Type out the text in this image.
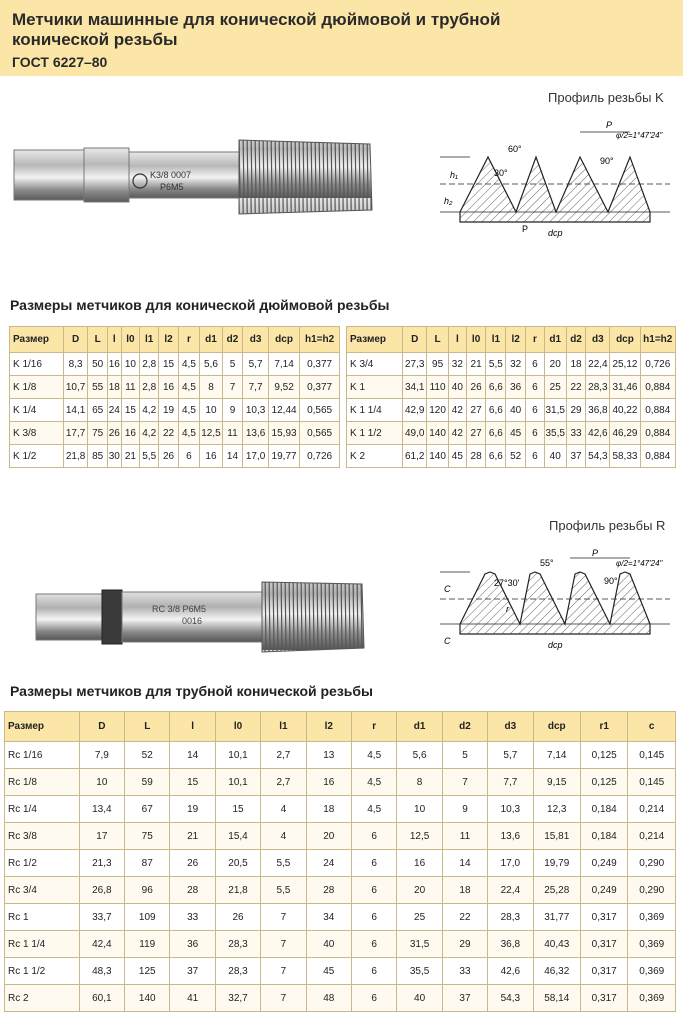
Метчики машинные для конической дюймовой и трубной
конической резьбы
ГОСТ 6227–80
Профиль резьбы K
K3/8 0007
P6M5
h₁
h₂
60°
30°
90°
P
φ/2=1°47'24"
P dср
Размеры метчиков для конической дюймовой резьбы
Размер	D	L	l	l0	l1	l2	r	d1	d2	d3	dср	h1=h2
K 1/16	8,3	50	16	10	2,8	15	4,5	5,6	5	5,7	7,14	0,377
K 1/8	10,7	55	18	11	2,8	16	4,5	8	7	7,7	9,52	0,377
K 1/4	14,1	65	24	15	4,2	19	4,5	10	9	10,3	12,44	0,565
K 3/8	17,7	75	26	16	4,2	22	4,5	12,5	11	13,6	15,93	0,565
K 1/2	21,8	85	30	21	5,5	26	6	16	14	17,0	19,77	0,726
Размер	D	L	l	l0	l1	l2	r	d1	d2	d3	dср	h1=h2
K 3/4	27,3	95	32	21	5,5	32	6	20	18	22,4	25,12	0,726
K 1	34,1	110	40	26	6,6	36	6	25	22	28,3	31,46	0,884
K 1 1/4	42,9	120	42	27	6,6	40	6	31,5	29	36,8	40,22	0,884
K 1 1/2	49,0	140	42	27	6,6	45	6	35,5	33	42,6	46,29	0,884
K 2	61,2	140	45	28	6,6	52	6	40	37	54,3	58,33	0,884
Профиль резьбы R
RC 3/8 P6M5
0016
C
C
55°
27°30'	90°
P
φ/2=1°47'24"
r
dср
Размеры метчиков для трубной конической резьбы
Размер	D	L	l	l0	l1	l2	r	d1	d2	d3	dср	r1	c
Rc 1/16	7,9	52	14	10,1	2,7	13	4,5	5,6	5	5,7	7,14	0,125	0,145
Rc 1/8	10	59	15	10,1	2,7	16	4,5	8	7	7,7	9,15	0,125	0,145
Rc 1/4	13,4	67	19	15	4	18	4,5	10	9	10,3	12,3	0,184	0,214
Rc 3/8	17	75	21	15,4	4	20	6	12,5	11	13,6	15,81	0,184	0,214
Rc 1/2	21,3	87	26	20,5	5,5	24	6	16	14	17,0	19,79	0,249	0,290
Rc 3/4	26,8	96	28	21,8	5,5	28	6	20	18	22,4	25,28	0,249	0,290
Rc 1	33,7	109	33	26	7	34	6	25	22	28,3	31,77	0,317	0,369
Rc 1 1/4	42,4	119	36	28,3	7	40	6	31,5	29	36,8	40,43	0,317	0,369
Rc 1 1/2	48,3	125	37	28,3	7	45	6	35,5	33	42,6	46,32	0,317	0,369
Rc 2	60,1	140	41	32,7	7	48	6	40	37	54,3	58,14	0,317	0,369
